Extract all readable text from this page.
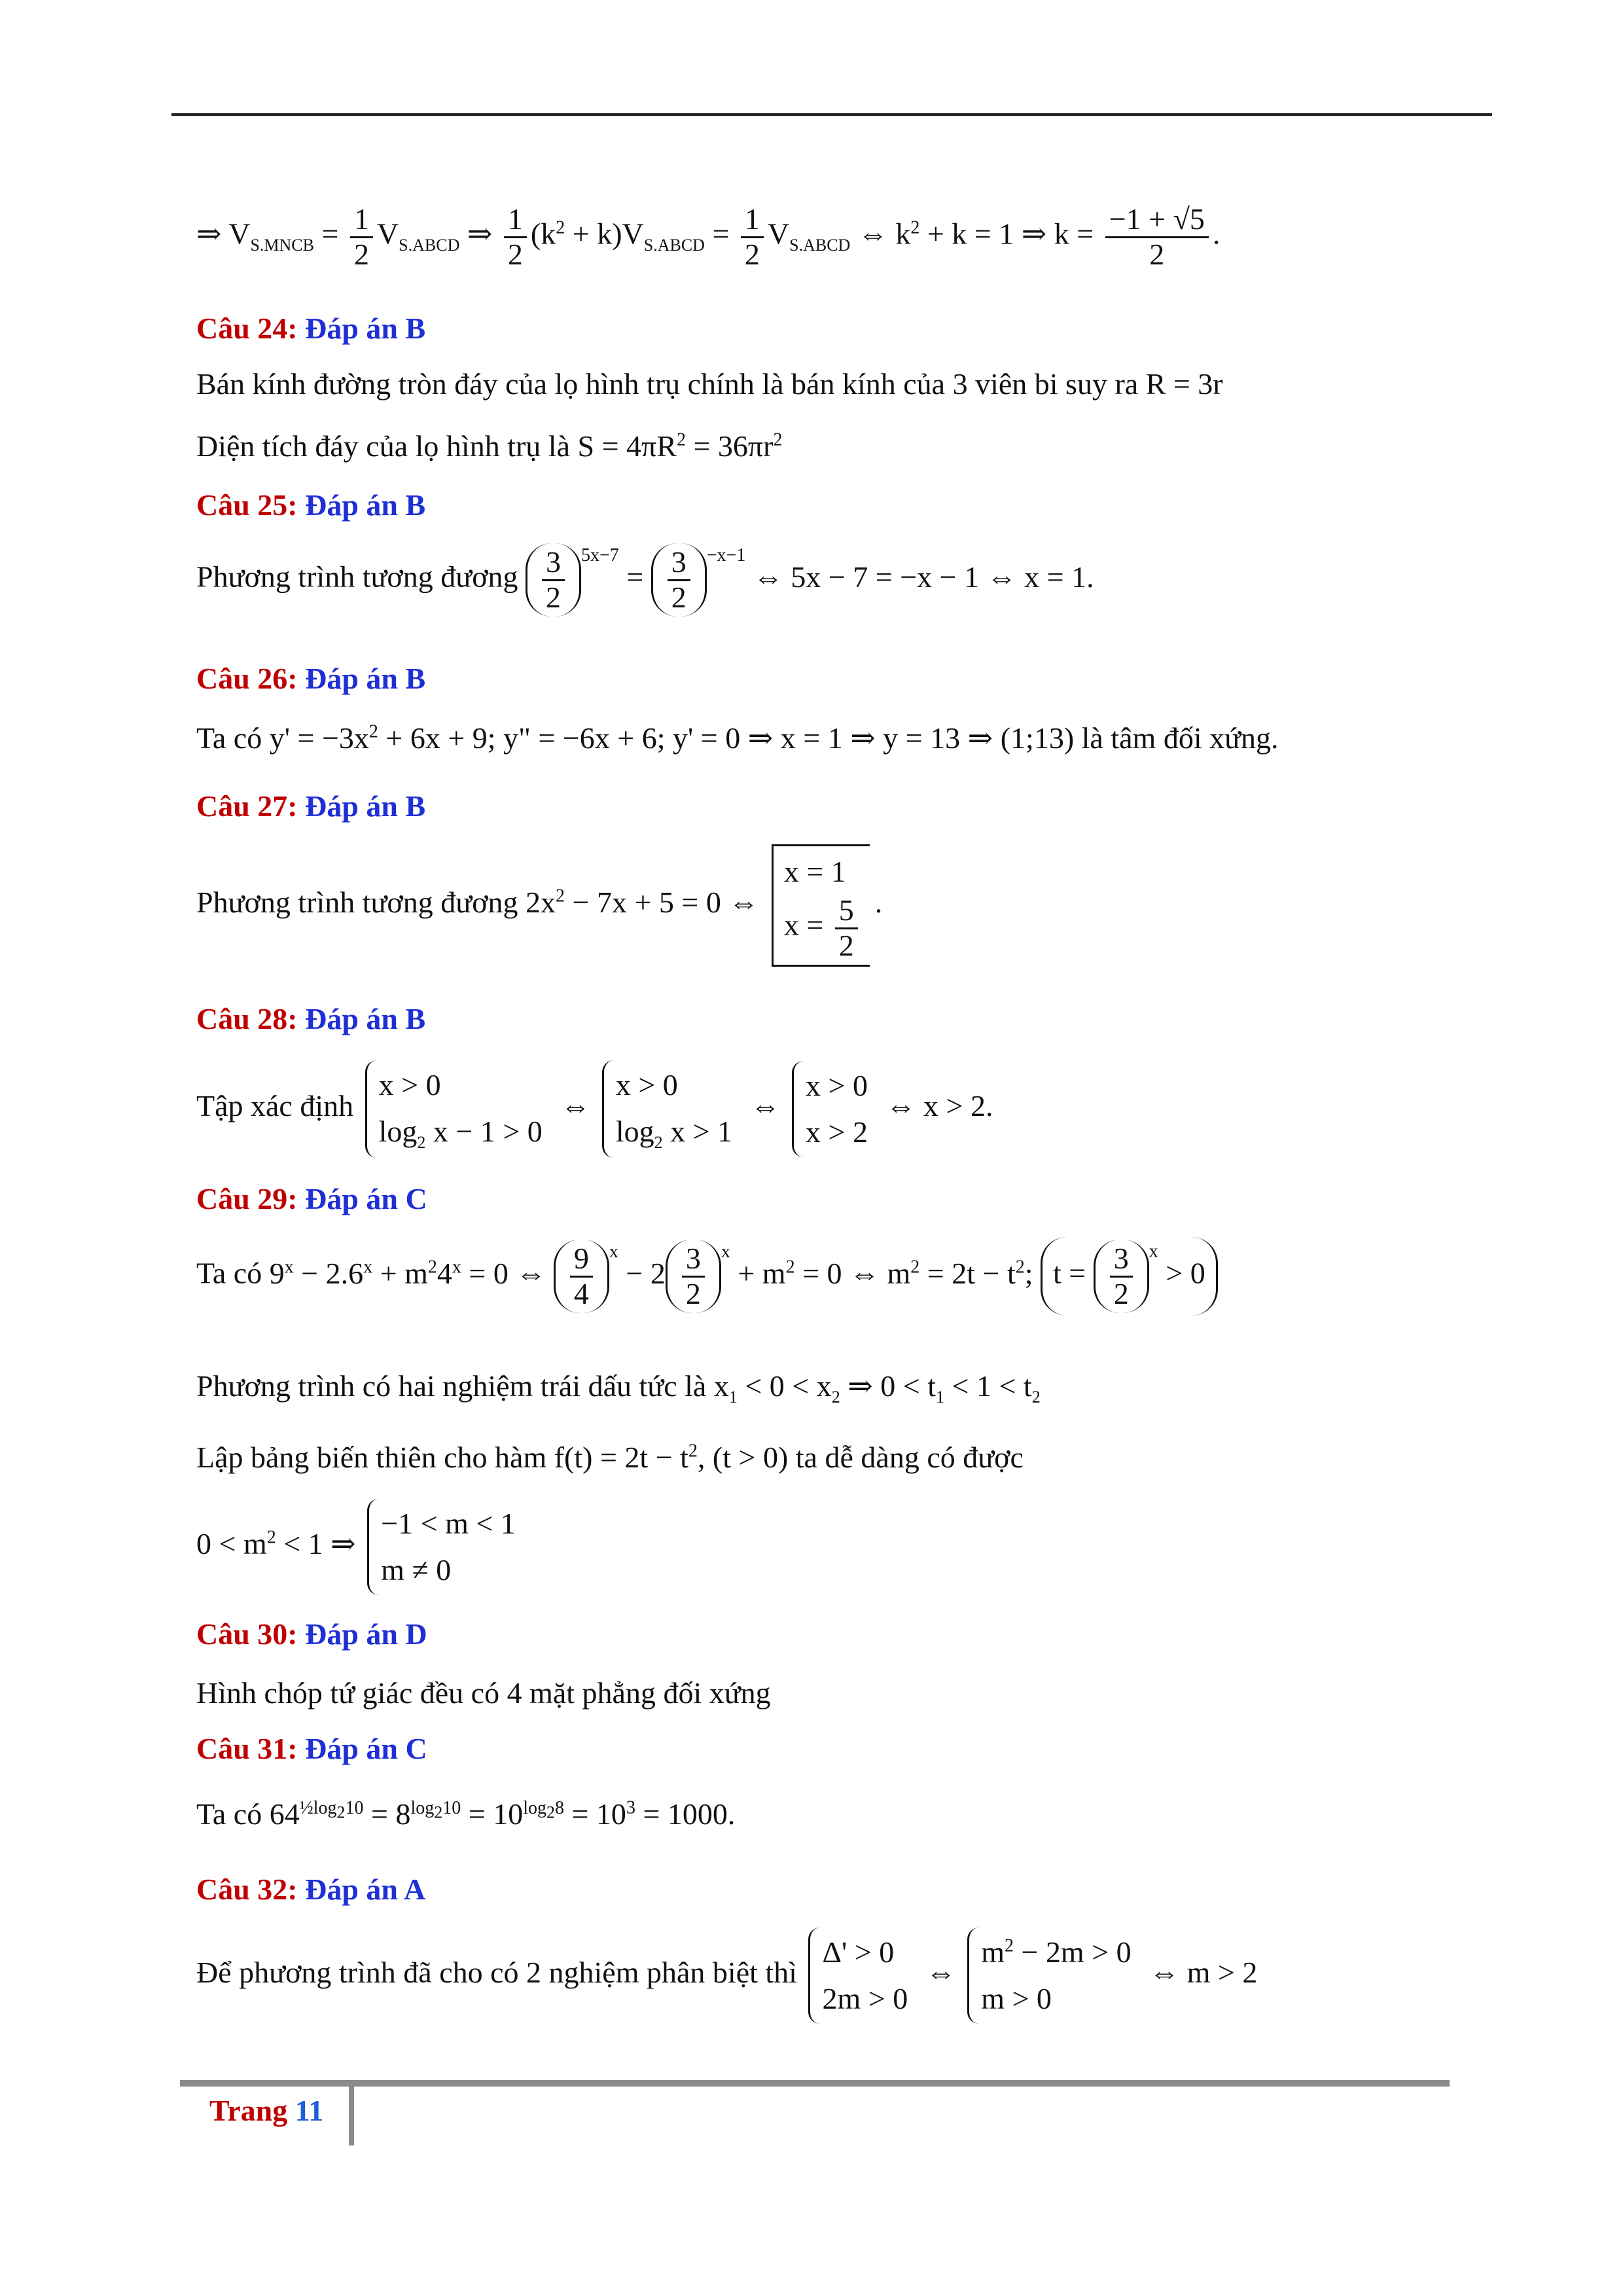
⇒ $V_{S.MNCB} = \frac{1}{2} V_{S.ABCD}$ ⇒ $\frac{1}{2} (k^2 + k)V_{S.ABCD} = \frac{1}{2} V_{S.ABCD}$ ⇔ $k^2 + k = 1$ ⇒ $k = \frac{-1 + √5}{2}$ .
Câu 24: Đáp án B
Bán kính đường tròn đáy của lọ hình trụ chính là bán kính của 3 viên bi suy ra R = 3r
Diện tích đáy của lọ hình trụ là $S = 4\pi R^2 = 36\pi r^2$
Câu 25: Đáp án B
Phương trình tương đương $\frac{3}{2} ^{5x-7} = \frac{3}{2} ^{-x-1}$ ⇔ 5x − 7 = −x − 1 ⇔ x = 1.
Câu 26: Đáp án B
Ta có $y' = -3x^2 + 6x + 9$; y" = −6x + 6; y' = 0 ⇒ x = 1 ⇒ y = 13 ⇒ (1;13) là tâm đối xứng.
Câu 27: Đáp án B
Phương trình tương đương $2x^2 - 7x + 5 = 0$ ⇔
x = 1
$x = \frac{5}{2}$ .
Câu 28: Đáp án B
Tập xác định
x > 0
$\log_2 x - 1 > 0$
⇔
x > 0
$\log_2 x > 1$
⇔
x > 0
x > 2
⇔ x > 2.
Câu 29: Đáp án C
Ta có $9^x - 2.6^x + m^24^x = 0$ ⇔ $\frac{9}{4} ^x - 2 \frac{3}{2} ^x + m^2 = 0$ ⇔ $m^2 = 2t - t^2$; $t = \frac{3}{2} ^x > 0$
Phương trình có hai nghiệm trái dấu tức là $x_1 < 0 < x_2$ ⇒ $0 < t_1 < 1 < t_2$
Lập bảng biến thiên cho hàm $f(t) = 2t - t^2$, (t > 0) ta dễ dàng có được
$0 < m^2 < 1$ ⇒
−1 < m < 1
m ≠ 0
Câu 30: Đáp án D
Hình chóp tứ giác đều có 4 mặt phẳng đối xứng
Câu 31: Đáp án C
Ta có $64^{\frac{1}{2}log_210} = 8^{log_210} = 10^{log_28} = 10^3 = 1000$.
Câu 32: Đáp án A
Để phương trình đã cho có 2 nghiệm phân biệt thì
Δ' > 0
2m > 0
⇔
$m^2 - 2m > 0$
m > 0
⇔ m > 2
Trang 11
